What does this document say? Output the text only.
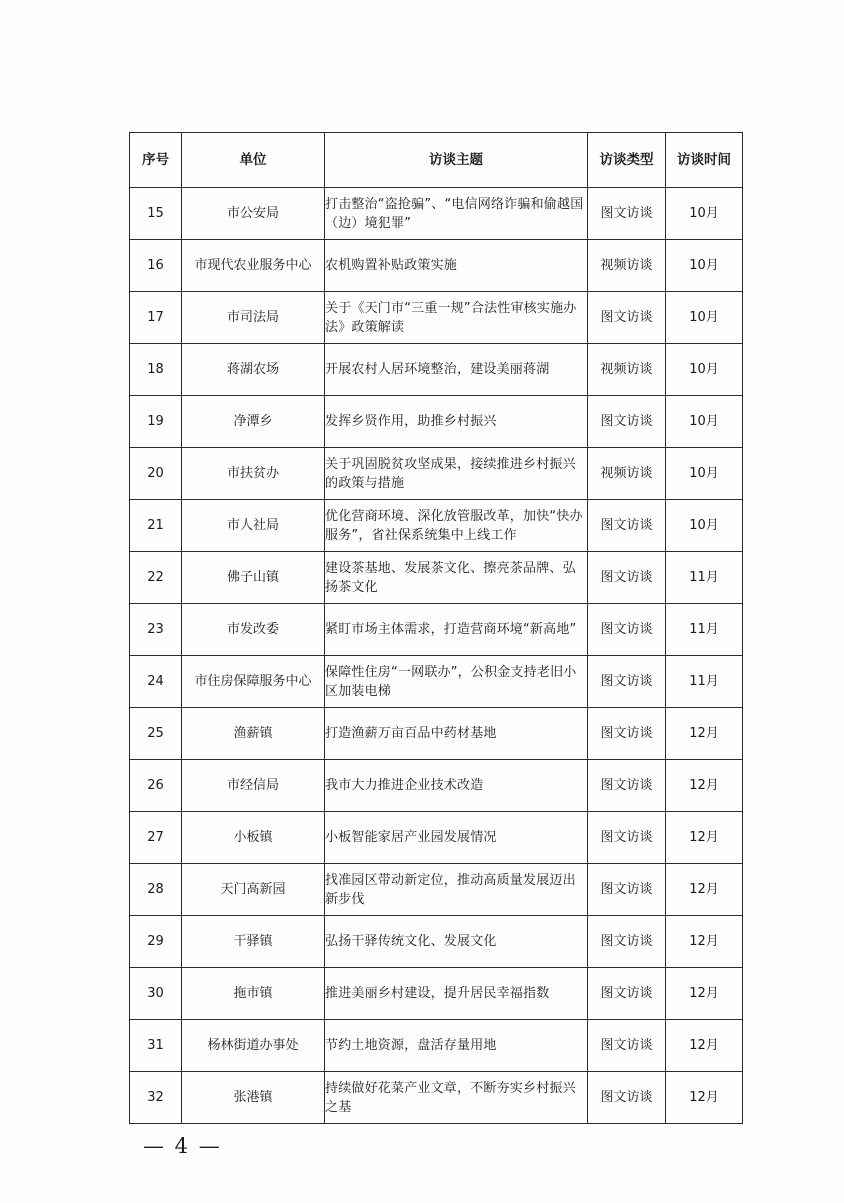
序号	单位	访谈主题	访谈类型	访谈时间
15	市公安局	打击整治“盗抢骗”、“电信网络诈骗和偷越国（边）境犯罪”	图文访谈	10月
16	市现代农业服务中心	农机购置补贴政策实施	视频访谈	10月
17	市司法局	关于《天门市“三重一规”合法性审核实施办法》政策解读	图文访谈	10月
18	蒋湖农场	开展农村人居环境整治，建设美丽蒋湖	视频访谈	10月
19	净潭乡	发挥乡贤作用，助推乡村振兴	图文访谈	10月
20	市扶贫办	关于巩固脱贫攻坚成果，接续推进乡村振兴的政策与措施	视频访谈	10月
21	市人社局	优化营商环境、深化放管服改革，加快“快办服务”，省社保系统集中上线工作	图文访谈	10月
22	佛子山镇	建设茶基地、发展茶文化、擦亮茶品牌、弘扬茶文化	图文访谈	11月
23	市发改委	紧盯市场主体需求，打造营商环境“新高地”	图文访谈	11月
24	市住房保障服务中心	保障性住房“一网联办”，公积金支持老旧小区加装电梯	图文访谈	11月
25	渔薪镇	打造渔薪万亩百品中药材基地	图文访谈	12月
26	市经信局	我市大力推进企业技术改造	图文访谈	12月
27	小板镇	小板智能家居产业园发展情况	图文访谈	12月
28	天门高新园	找准园区带动新定位，推动高质量发展迈出新步伐	图文访谈	12月
29	干驿镇	弘扬干驿传统文化、发展文化	图文访谈	12月
30	拖市镇	推进美丽乡村建设，提升居民幸福指数	图文访谈	12月
31	杨林街道办事处	节约土地资源，盘活存量用地	图文访谈	12月
32	张港镇	持续做好花菜产业文章，不断夯实乡村振兴之基	图文访谈	12月
— 4 —
